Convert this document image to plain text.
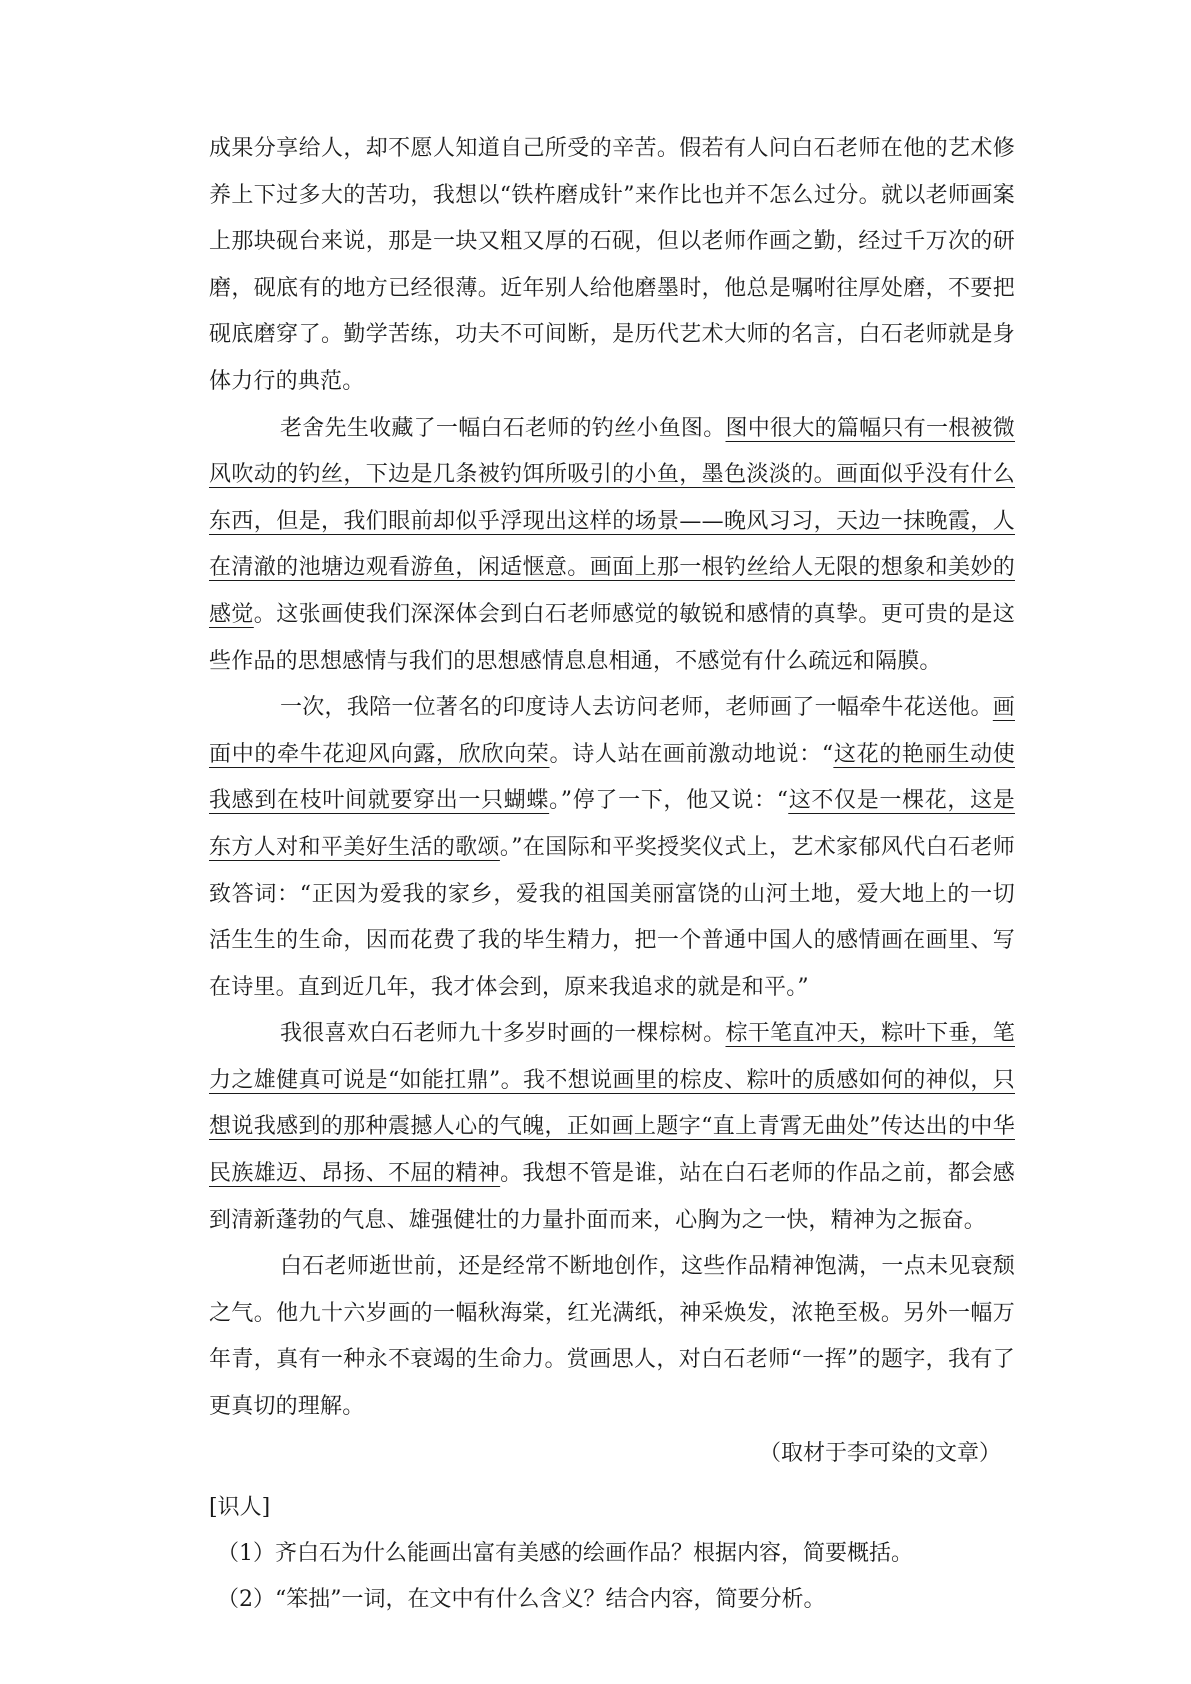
成果分享给人，却不愿人知道自己所受的辛苦。假若有人问白石老师在他的艺术修养上下过多大的苦功，我想以“铁杵磨成针”来作比也并不怎么过分。就以老师画案上那块砚台来说，那是一块又粗又厚的石砚，但以老师作画之勤，经过千万次的研磨，砚底有的地方已经很薄。近年别人给他磨墨时，他总是嘱咐往厚处磨，不要把砚底磨穿了。勤学苦练，功夫不可间断，是历代艺术大师的名言，白石老师就是身体力行的典范。

老舍先生收藏了一幅白石老师的钓丝小鱼图。图中很大的篇幅只有一根被微风吹动的钓丝，下边是几条被钓饵所吸引的小鱼，墨色淡淡的。画面似乎没有什么东西，但是，我们眼前却似乎浮现出这样的场景——晚风习习，天边一抹晚霞，人在清澈的池塘边观看游鱼，闲适惬意。画面上那一根钓丝给人无限的想象和美妙的感觉。这张画使我们深深体会到白石老师感觉的敏锐和感情的真挚。更可贵的是这些作品的思想感情与我们的思想感情息息相通，不感觉有什么疏远和隔膜。

一次，我陪一位著名的印度诗人去访问老师，老师画了一幅牵牛花送他。画面中的牵牛花迎风向露，欣欣向荣。诗人站在画前激动地说：“这花的艳丽生动使我感到在枝叶间就要穿出一只蝴蝶。”停了一下，他又说：“这不仅是一棵花，这是东方人对和平美好生活的歌颂。”在国际和平奖授奖仪式上，艺术家郁风代白石老师致答词：“正因为爱我的家乡，爱我的祖国美丽富饶的山河土地，爱大地上的一切活生生的生命，因而花费了我的毕生精力，把一个普通中国人的感情画在画里、写在诗里。直到近几年，我才体会到，原来我追求的就是和平。”

我很喜欢白石老师九十多岁时画的一棵棕树。棕干笔直冲天，粽叶下垂，笔力之雄健真可说是“如能扛鼎”。我不想说画里的棕皮、粽叶的质感如何的神似，只想说我感到的那种震撼人心的气魄，正如画上题字“直上青霄无曲处”传达出的中华民族雄迈、昂扬、不屈的精神。我想不管是谁，站在白石老师的作品之前，都会感到清新蓬勃的气息、雄强健壮的力量扑面而来，心胸为之一快，精神为之振奋。

白石老师逝世前，还是经常不断地创作，这些作品精神饱满，一点未见衰颓之气。他九十六岁画的一幅秋海棠，红光满纸，神采焕发，浓艳至极。另外一幅万年青，真有一种永不衰竭的生命力。赏画思人，对白石老师“一挥”的题字，我有了更真切的理解。

（取材于李可染的文章）

[识人]

（1）齐白石为什么能画出富有美感的绘画作品？根据内容，简要概括。

（2）“笨拙”一词，在文中有什么含义？结合内容，简要分析。
